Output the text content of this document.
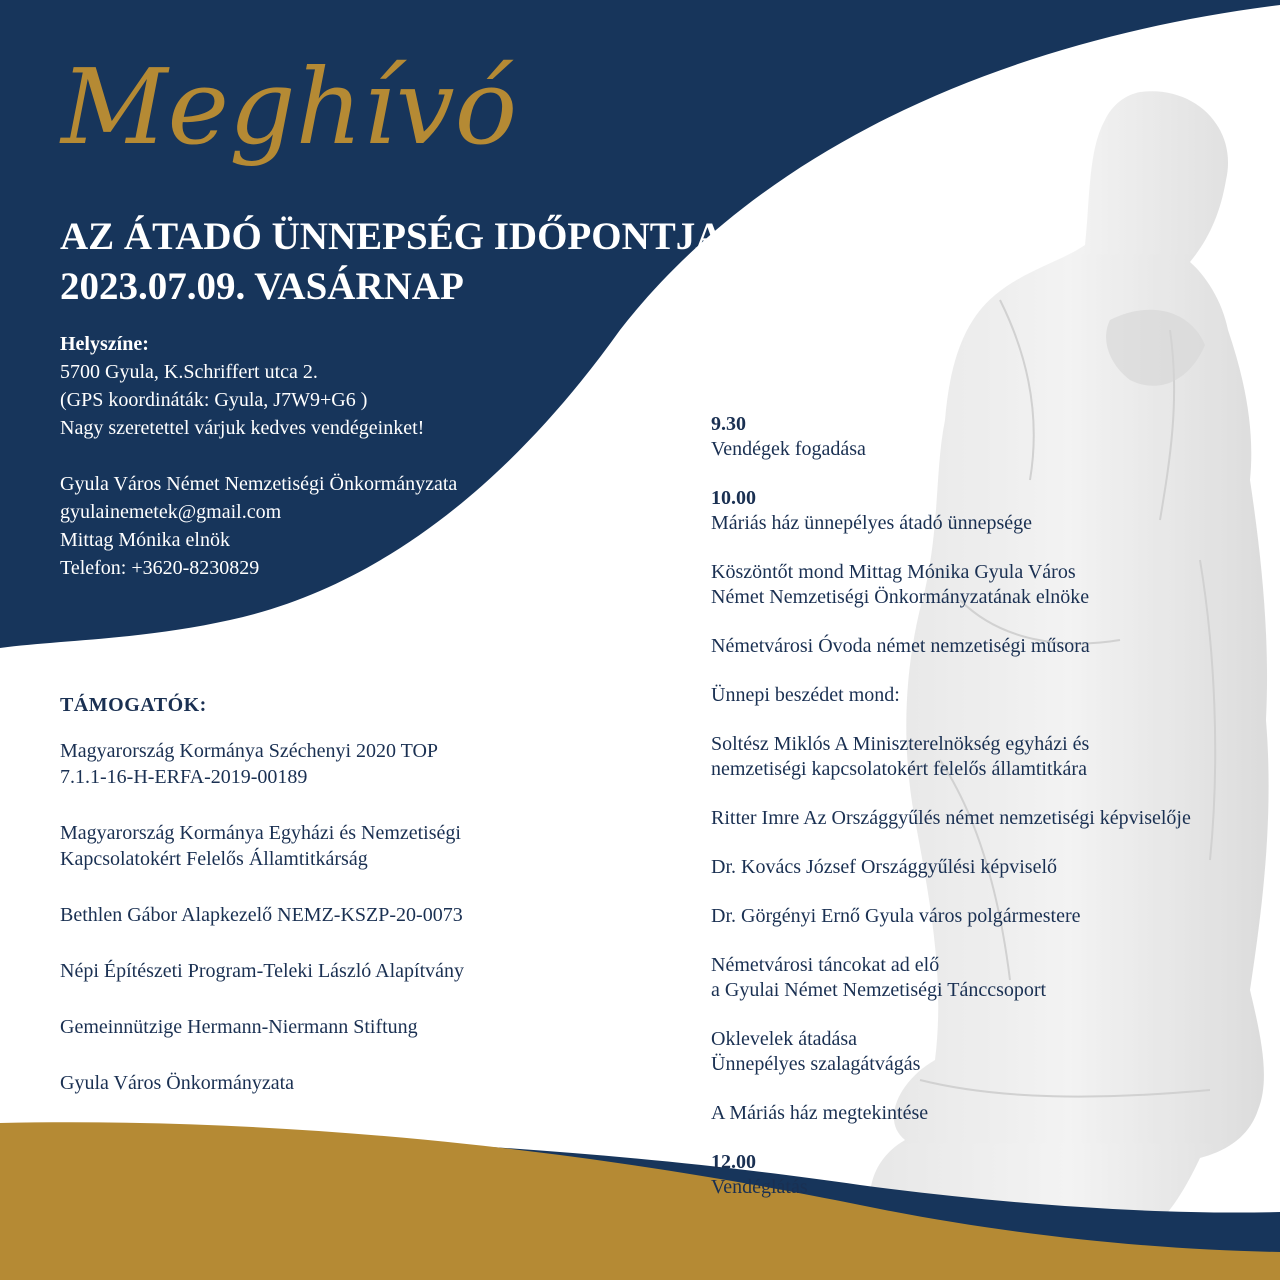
Meghívó
AZ ÁTADÓ ÜNNEPSÉG IDŐPONTJA:
2023.07.09. VASÁRNAP
Helyszíne:
5700 Gyula, K.Schriffert utca 2.
(GPS koordináták: Gyula, J7W9+G6 )
Nagy szeretettel várjuk kedves vendégeinket!
Gyula Város Német Nemzetiségi Önkormányzata
gyulainemetek@gmail.com
Mittag Mónika elnök
Telefon: +3620-8230829
TÁMOGATÓK:
Magyarország Kormánya Széchenyi 2020 TOP
7.1.1-16-H-ERFA-2019-00189
Magyarország Kormánya Egyházi és Nemzetiségi
Kapcsolatokért Felelős Államtitkárság
Bethlen Gábor Alapkezelő NEMZ-KSZP-20-0073
Népi Építészeti Program-Teleki László Alapítvány
Gemeinnützige Hermann-Niermann Stiftung
Gyula Város Önkormányzata
9.30
Vendégek fogadása
10.00
Máriás ház ünnepélyes átadó ünnepsége
Köszöntőt mond Mittag Mónika Gyula Város
Német Nemzetiségi Önkormányzatának elnöke
Németvárosi Óvoda német nemzetiségi műsora
Ünnepi beszédet mond:
Soltész Miklós A Miniszterelnökség egyházi és
nemzetiségi kapcsolatokért felelős államtitkára
Ritter Imre Az Országgyűlés német nemzetiségi képviselője
Dr. Kovács József Országgyűlési képviselő
Dr. Görgényi Ernő Gyula város polgármestere
Németvárosi táncokat ad elő
a Gyulai Német Nemzetiségi Tánccsoport
Oklevelek átadása
Ünnepélyes szalagátvágás
A Máriás ház megtekintése
12.00
Vendéglátás
